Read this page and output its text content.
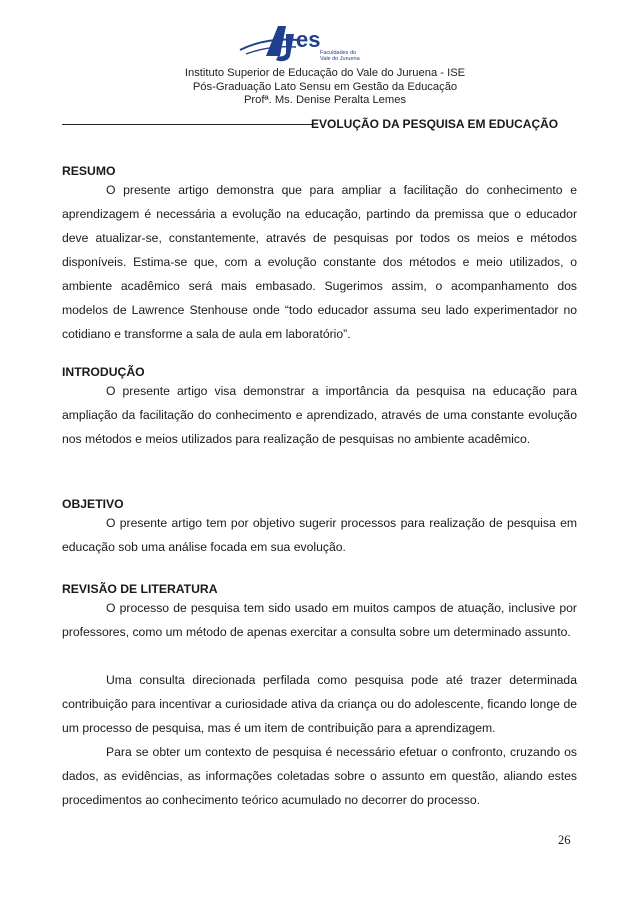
es
Faculdades do
Vale do Juruena
Instituto Superior de Educação do Vale do Juruena - ISE
Pós-Graduação Lato Sensu em Gestão da Educação
Profª. Ms. Denise Peralta Lemes
EVOLUÇÃO DA PESQUISA EM EDUCAÇÃO
RESUMO

O presente artigo demonstra que para ampliar a facilitação do conhecimento e aprendizagem é necessária a evolução na educação, partindo da premissa que o educador deve atualizar-se, constantemente, através de pesquisas por todos os meios e métodos disponíveis. Estima-se que, com a evolução constante dos métodos e meio utilizados, o ambiente acadêmico será mais embasado. Sugerimos assim, o acompanhamento dos modelos de Lawrence Stenhouse onde “todo educador assuma seu lado experimentador no cotidiano e transforme a sala de aula em laboratório”.

INTRODUÇÃO

O presente artigo visa demonstrar a importância da pesquisa na educação para ampliação da facilitação do conhecimento e aprendizado, através de uma constante evolução nos métodos e meios utilizados para realização de pesquisas no ambiente acadêmico.

OBJETIVO

O presente artigo tem por objetivo sugerir processos para realização de pesquisa em educação sob uma análise focada em sua evolução.

REVISÃO DE LITERATURA

O processo de pesquisa tem sido usado em muitos campos de atuação, inclusive por professores, como um método de apenas exercitar a consulta sobre um determinado assunto.

Uma consulta direcionada perfilada como pesquisa pode até trazer determinada contribuição para incentivar a curiosidade ativa da criança ou do adolescente, ficando longe de um processo de pesquisa, mas é um item de contribuição para a aprendizagem.

Para se obter um contexto de pesquisa é necessário efetuar o confronto, cruzando os dados, as evidências, as informações coletadas sobre o assunto em questão, aliando estes procedimentos ao conhecimento teórico acumulado no decorrer do processo.

26
